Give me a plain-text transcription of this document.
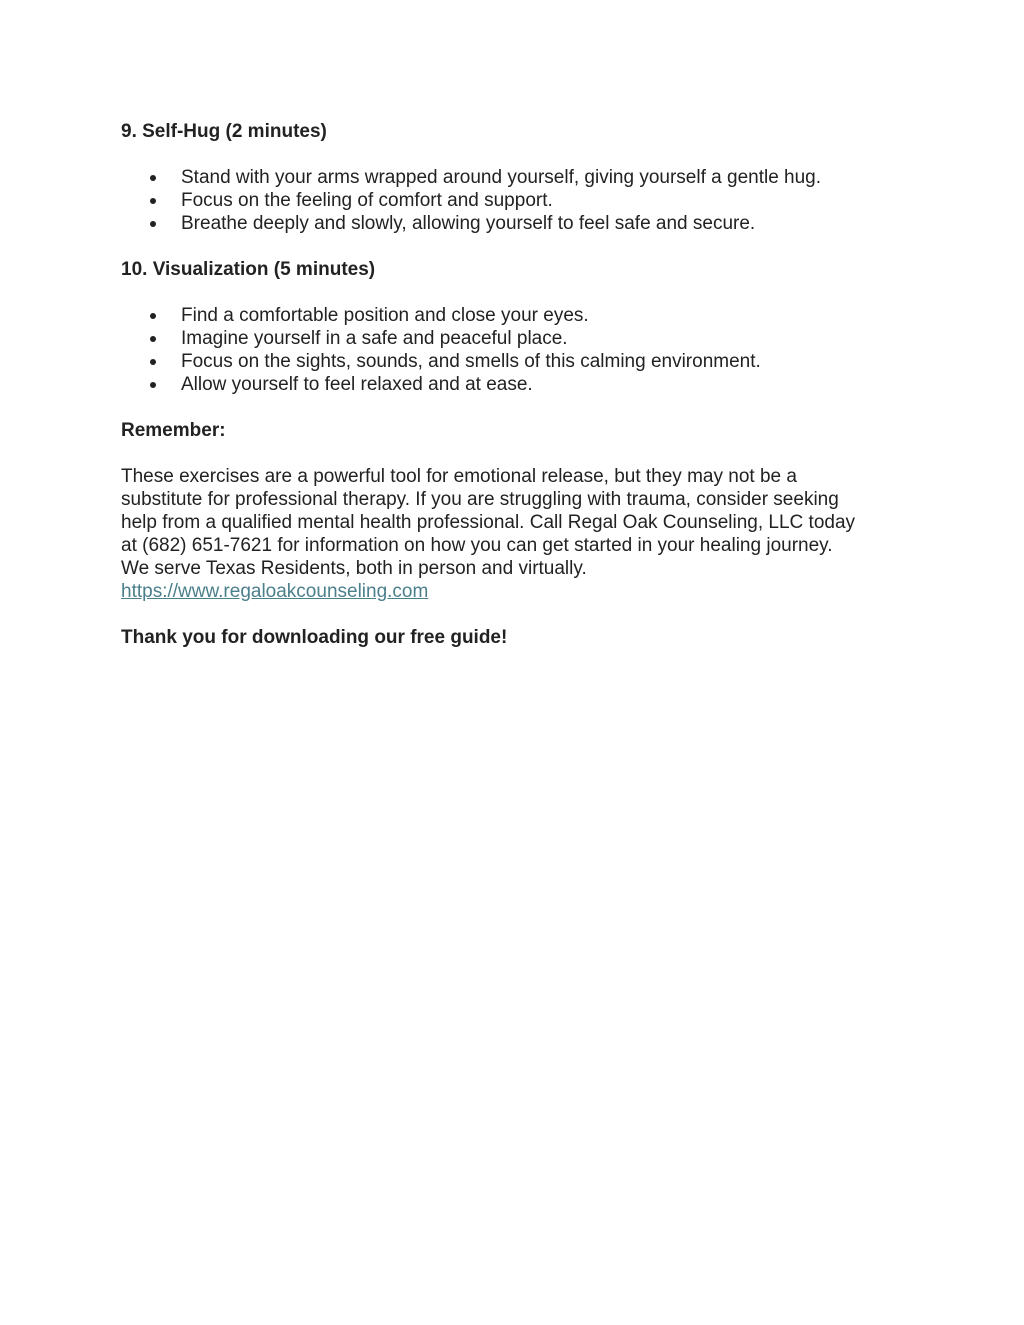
9. Self-Hug (2 minutes)

Stand with your arms wrapped around yourself, giving yourself a gentle hug.
Focus on the feeling of comfort and support.
Breathe deeply and slowly, allowing yourself to feel safe and secure.

10. Visualization (5 minutes)

Find a comfortable position and close your eyes.
Imagine yourself in a safe and peaceful place.
Focus on the sights, sounds, and smells of this calming environment.
Allow yourself to feel relaxed and at ease.

Remember:

These exercises are a powerful tool for emotional release, but they may not be a
substitute for professional therapy. If you are struggling with trauma, consider seeking
help from a qualified mental health professional. Call Regal Oak Counseling, LLC today
at (682) 651-7621 for information on how you can get started in your healing journey.
We serve Texas Residents, both in person and virtually.
https://www.regaloakcounseling.com

Thank you for downloading our free guide!
